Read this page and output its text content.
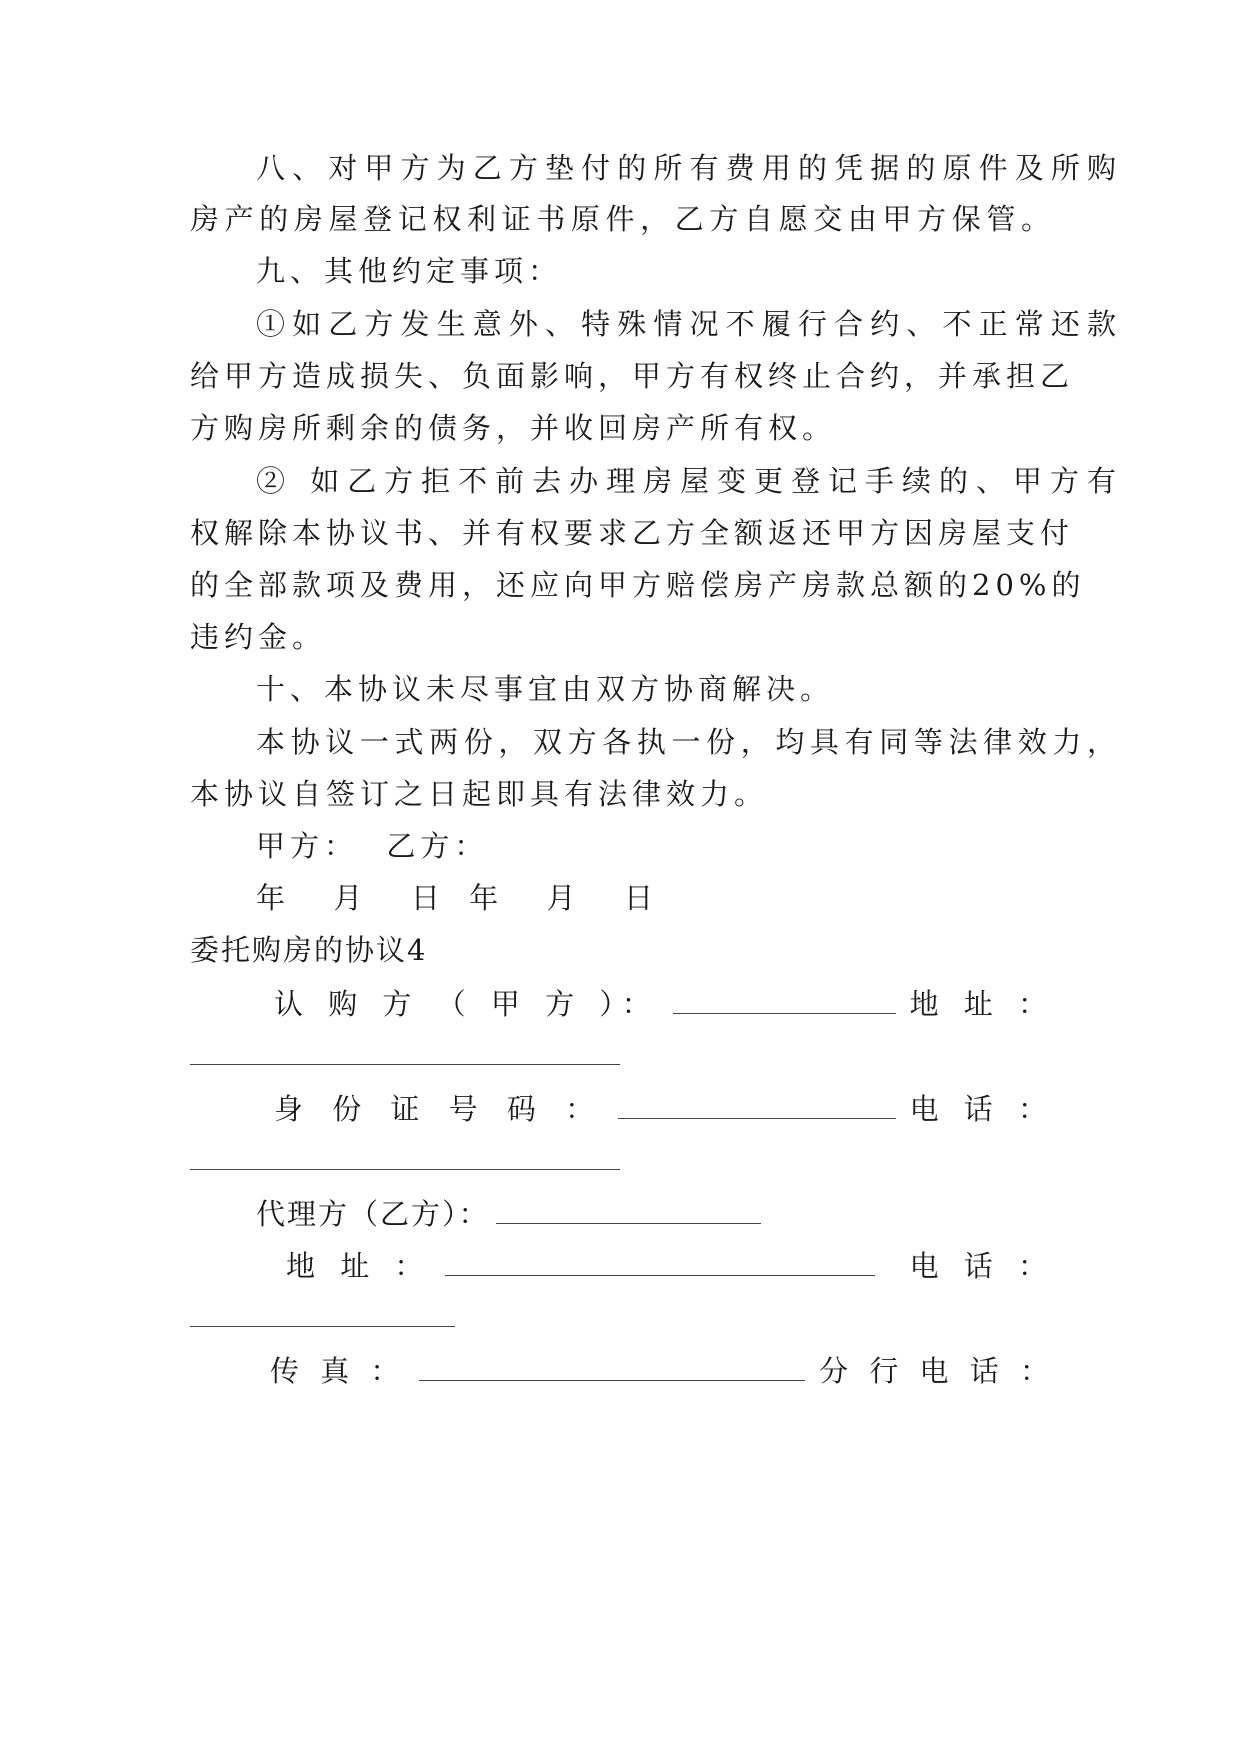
八、对甲方为乙方垫付的所有费用的凭据的原件及所购
房产的房屋登记权利证书原件，乙方自愿交由甲方保管。
九、其他约定事项：
①如乙方发生意外、特殊情况不履行合约、不正常还款
给甲方造成损失、负面影响，甲方有权终止合约，并承担乙
方购房所剩余的债务，并收回房产所有权。
② 如乙方拒不前去办理房屋变更登记手续的、甲方有
权解除本协议书、并有权要求乙方全额返还甲方因房屋支付
的全部款项及费用，还应向甲方赔偿房产房款总额的20%的
违约金。
十、本协议未尽事宜由双方协商解决。
本协议一式两份，双方各执一份，均具有同等法律效力，
本协议自签订之日起即具有法律效力。
甲方：  乙方：
年  月  日 年  月  日
委托购房的协议4
认 购 方 （ 甲 方 ）：	地 址 ：
身 份 证 号 码 ：	电 话 ：
代理方（乙方）：
地 址 ：	电 话 ：
传 真 ：	分 行 电 话 ：
